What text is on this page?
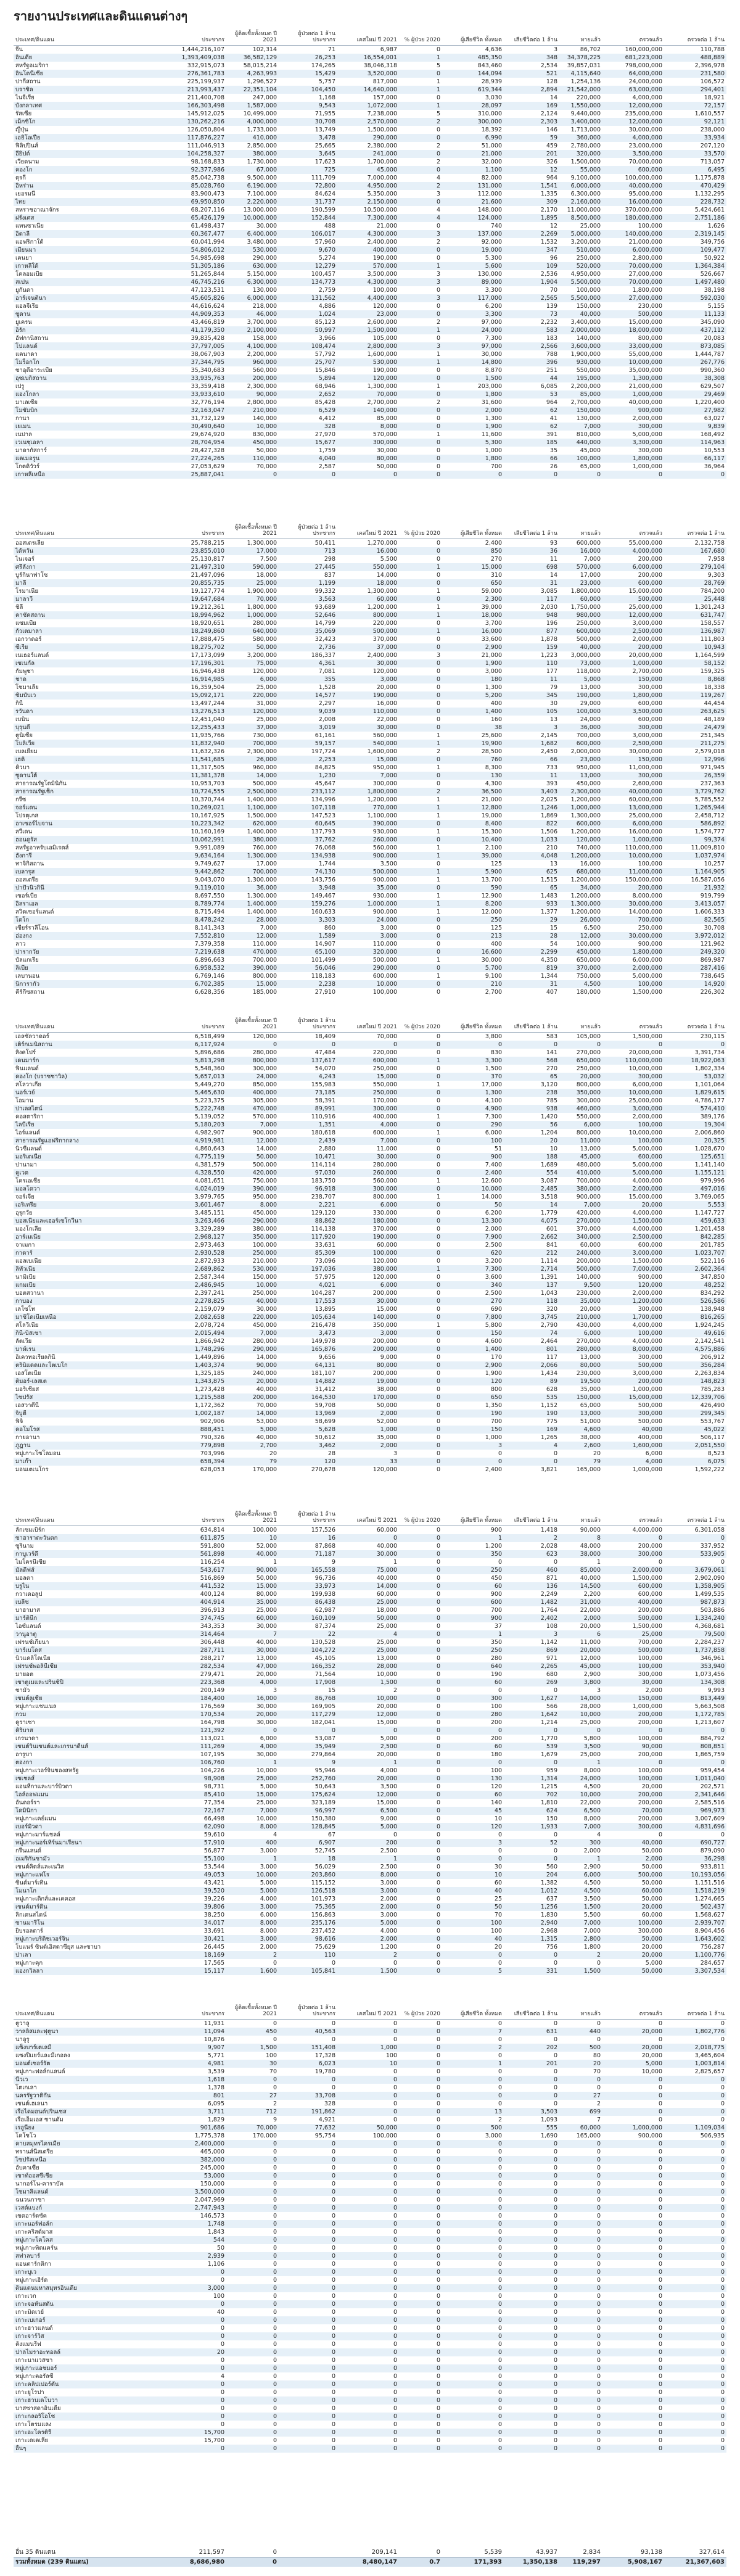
รายงานประเทศและดินแดนต่างๆ
ประเทศ/ดินแดน	ประชากร
ผู้ติดเชื้อทั้งหมด ปี 2021
ผู้ป่วยต่อ 1 ล้าน ประชากร	เคสใหม่ ปี 2021	% ผู้ป่วย 2020	ผู้เสียชีวิต ทั้งหมด	เสียชีวิตต่อ 1 ล้าน	หายแล้ว	ตรวจแล้ว	ตรวจต่อ 1 ล้าน
จีน	1,444,216,107	102,314	71	6,987	0	4,636	3	86,702	160,000,000	110,788
อินเดีย	1,393,409,038	36,582,129	26,253	16,554,001	1	485,350	348	34,378,225	681,223,000	488,889
สหรัฐอเมริกา	332,915,073	58,015,214	174,265	38,046,318	5	843,460	2,534	39,857,031	798,000,000	2,396,978
อินโดนีเซีย	276,361,783	4,263,993	15,429	3,520,000	0	144,094	521	4,115,640	64,000,000	231,580
ปากีสถาน	225,199,937	1,296,527	5,757	817,000	1	28,939	128	1,254,136	24,000,000	106,572
บราซิล	213,993,437	22,351,104	104,450	14,640,000	1	619,344	2,894	21,542,000	63,000,000	294,401
ไนจีเรีย	211,400,708	247,000	1,168	157,000	0	3,030	14	220,000	4,000,000	18,921
บังกลาเทศ	166,303,498	1,587,000	9,543	1,072,000	1	28,097	169	1,550,000	12,000,000	72,157
รัสเซีย	145,912,025	10,499,000	71,955	7,238,000	5	310,000	2,124	9,440,000	235,000,000	1,610,557
เม็กซิโก	130,262,216	4,000,000	30,708	2,570,000	2	300,000	2,303	3,400,000	12,000,000	92,121
ญี่ปุ่น	126,050,804	1,733,000	13,749	1,500,000	0	18,392	146	1,713,000	30,000,000	238,000
เอธิโอเปีย	117,876,227	410,000	3,478	290,000	0	6,990	59	360,000	4,000,000	33,934
ฟิลิปปินส์	111,046,913	2,850,000	25,665	2,380,000	2	51,000	459	2,780,000	23,000,000	207,120
อียิปต์	104,258,327	380,000	3,645	241,000	0	21,000	201	320,000	3,500,000	33,570
เวียดนาม	98,168,833	1,730,000	17,623	1,700,000	2	32,000	326	1,500,000	70,000,000	713,057
คองโก	92,377,986	67,000	725	45,000	0	1,100	12	55,000	600,000	6,495
ตุรกี	85,042,738	9,500,000	111,709	7,000,000	4	82,000	964	9,100,000	100,000,000	1,175,878
อิหร่าน	85,028,760	6,190,000	72,800	4,950,000	2	131,000	1,541	6,000,000	40,000,000	470,429
เยอรมนี	83,900,473	7,100,000	84,624	5,350,000	3	112,000	1,335	6,300,000	95,000,000	1,132,295
ไทย	69,950,850	2,220,000	31,737	2,150,000	0	21,600	309	2,160,000	16,000,000	228,732
สหราชอาณาจักร	68,207,116	13,000,000	190,599	10,500,000	4	148,000	2,170	11,000,000	370,000,000	5,424,661
ฝรั่งเศส	65,426,179	10,000,000	152,844	7,300,000	4	124,000	1,895	8,500,000	180,000,000	2,751,186
แทนซาเนีย	61,498,437	30,000	488	21,000	0	740	12	25,000	100,000	1,626
อิตาลี	60,367,477	6,400,000	106,017	4,300,000	3	137,000	2,269	5,000,000	140,000,000	2,319,145
แอฟริกาใต้	60,041,994	3,480,000	57,960	2,400,000	2	92,000	1,532	3,200,000	21,000,000	349,756
เมียนมา	54,806,012	530,000	9,670	400,000	0	19,000	347	510,000	6,000,000	109,477
เคนยา	54,985,698	290,000	5,274	190,000	0	5,300	96	250,000	2,800,000	50,922
เกาหลีใต้	51,305,186	630,000	12,279	570,000	1	5,600	109	520,000	70,000,000	1,364,384
โคลอมเบีย	51,265,844	5,150,000	100,457	3,500,000	3	130,000	2,536	4,950,000	27,000,000	526,667
สเปน	46,745,216	6,300,000	134,773	4,300,000	3	89,000	1,904	5,500,000	70,000,000	1,497,480
ยูกันดา	47,123,531	130,000	2,759	100,000	0	3,300	70	100,000	1,800,000	38,198
อาร์เจนตินา	45,605,826	6,000,000	131,562	4,400,000	3	117,000	2,565	5,500,000	27,000,000	592,030
แอลจีเรีย	44,616,624	218,000	4,886	120,000	0	6,200	139	150,000	230,000	5,155
ซูดาน	44,909,353	46,000	1,024	23,000	0	3,300	73	40,000	500,000	11,133
ยูเครน	43,466,819	3,700,000	85,123	2,600,000	2	97,000	2,232	3,400,000	15,000,000	345,090
อิรัก	41,179,350	2,100,000	50,997	1,500,000	1	24,000	583	2,000,000	18,000,000	437,112
อัฟกานิสถาน	39,835,428	158,000	3,966	105,000	0	7,300	183	140,000	800,000	20,083
โปแลนด์	37,797,005	4,100,000	108,474	2,800,000	3	97,000	2,566	3,600,000	33,000,000	873,085
แคนาดา	38,067,903	2,200,000	57,792	1,600,000	1	30,000	788	1,900,000	55,000,000	1,444,787
โมร็อกโก	37,344,795	960,000	25,707	530,000	1	14,800	396	930,000	10,000,000	267,776
ซาอุดีอาระเบีย	35,340,683	560,000	15,846	190,000	0	8,870	251	550,000	35,000,000	990,360
อุซเบกิสถาน	33,935,763	200,000	5,894	120,000	0	1,500	44	195,000	1,300,000	38,308
เปรู	33,359,418	2,300,000	68,946	1,300,000	1	203,000	6,085	2,200,000	21,000,000	629,507
แองโกลา	33,933,610	90,000	2,652	70,000	0	1,800	53	85,000	1,000,000	29,469
มาเลเซีย	32,776,194	2,800,000	85,428	2,700,000	2	31,600	964	2,700,000	40,000,000	1,220,400
โมซัมบิก	32,163,047	210,000	6,529	140,000	0	2,000	62	150,000	900,000	27,982
กานา	31,732,129	140,000	4,412	85,000	0	1,300	41	130,000	2,000,000	63,027
เยเมน	30,490,640	10,000	328	8,000	0	1,900	62	7,000	300,000	9,839
เนปาล	29,674,920	830,000	27,970	570,000	1	11,600	391	810,000	5,000,000	168,492
เวเนซุเอลา	28,704,954	450,000	15,677	300,000	0	5,300	185	440,000	3,300,000	114,963
มาดากัสการ์	28,427,328	50,000	1,759	30,000	0	1,000	35	45,000	300,000	10,553
แคเมอรูน	27,224,265	110,000	4,040	80,000	0	1,800	66	100,000	1,800,000	66,117
โกตดิวัวร์	27,053,629	70,000	2,587	50,000	0	700	26	65,000	1,000,000	36,964
เกาหลีเหนือ	25,887,041	0	0	0	0	0	0	0	0	0
ประเทศ/ดินแดน	ประชากร
ผู้ติดเชื้อทั้งหมด ปี 2021
ผู้ป่วยต่อ 1 ล้าน ประชากร	เคสใหม่ ปี 2021	% ผู้ป่วย 2020	ผู้เสียชีวิต ทั้งหมด	เสียชีวิตต่อ 1 ล้าน	หายแล้ว	ตรวจแล้ว	ตรวจต่อ 1 ล้าน
ออสเตรเลีย	25,788,215	1,300,000	50,411	1,270,000	0	2,400	93	600,000	55,000,000	2,132,758
ไต้หวัน	23,855,010	17,000	713	16,000	0	850	36	16,000	4,000,000	167,680
ไนเจอร์	25,130,817	7,500	298	5,500	0	270	11	7,000	200,000	7,958
ศรีลังกา	21,497,310	590,000	27,445	550,000	1	15,000	698	570,000	6,000,000	279,104
บูร์กินาฟาโซ	21,497,096	18,000	837	14,000	0	310	14	17,000	200,000	9,303
มาลี	20,855,735	25,000	1,199	18,000	0	650	31	23,000	600,000	28,769
โรมาเนีย	19,127,774	1,900,000	99,332	1,300,000	1	59,000	3,085	1,800,000	15,000,000	784,200
มาลาวี	19,647,684	70,000	3,563	60,000	0	2,300	117	60,000	500,000	25,448
ชิลี	19,212,361	1,800,000	93,689	1,200,000	1	39,000	2,030	1,750,000	25,000,000	1,301,243
คาซัคสถาน	18,994,962	1,000,000	52,646	800,000	1	18,000	948	980,000	12,000,000	631,747
แซมเบีย	18,920,651	280,000	14,799	220,000	0	3,700	196	250,000	3,000,000	158,557
กัวเตมาลา	18,249,860	640,000	35,069	500,000	1	16,000	877	600,000	2,500,000	136,987
เอกวาดอร์	17,888,475	580,000	32,423	370,000	0	33,600	1,878	500,000	2,000,000	111,803
ซีเรีย	18,275,702	50,000	2,736	37,000	0	2,900	159	40,000	200,000	10,943
เนเธอร์แลนด์	17,173,099	3,200,000	186,337	2,400,000	3	21,000	1,223	3,000,000	20,000,000	1,164,599
เซเนกัล	17,196,301	75,000	4,361	30,000	0	1,900	110	73,000	1,000,000	58,152
กัมพูชา	16,946,438	120,000	7,081	120,000	0	3,000	177	118,000	2,700,000	159,325
ชาด	16,914,985	6,000	355	3,000	0	180	11	5,000	150,000	8,868
โซมาเลีย	16,359,504	25,000	1,528	20,000	0	1,300	79	13,000	300,000	18,338
ซิมบับเว	15,092,171	220,000	14,577	190,000	0	5,200	345	190,000	1,800,000	119,267
กินี	13,497,244	31,000	2,297	16,000	0	400	30	29,000	600,000	44,454
รวันดา	13,276,513	120,000	9,039	110,000	0	1,400	105	100,000	3,500,000	263,625
เบนิน	12,451,040	25,000	2,008	22,000	0	160	13	24,000	600,000	48,189
บุรุนดี	12,255,433	37,000	3,019	30,000	0	38	3	36,000	300,000	24,479
ตูนิเซีย	11,935,766	730,000	61,161	560,000	1	25,600	2,145	700,000	3,000,000	251,345
โบลิเวีย	11,832,940	700,000	59,157	540,000	1	19,900	1,682	600,000	2,500,000	211,275
เบลเยียม	11,632,326	2,300,000	197,724	1,600,000	2	28,500	2,450	2,000,000	30,000,000	2,579,018
เฮติ	11,541,685	26,000	2,253	15,000	0	760	66	23,000	150,000	12,996
คิวบา	11,317,505	960,000	84,825	950,000	1	8,300	733	950,000	11,000,000	971,945
ซูดานใต้	11,381,378	14,000	1,230	7,000	0	130	11	13,000	300,000	26,359
สาธารณรัฐโดมินิกัน	10,953,703	500,000	45,647	300,000	0	4,300	393	450,000	2,600,000	237,363
สาธารณรัฐเช็ก	10,724,555	2,500,000	233,112	1,800,000	2	36,500	3,403	2,300,000	40,000,000	3,729,762
กรีซ	10,370,744	1,400,000	134,996	1,200,000	1	21,000	2,025	1,200,000	60,000,000	5,785,552
จอร์แดน	10,269,021	1,100,000	107,118	770,000	1	12,800	1,246	1,000,000	13,000,000	1,265,944
โปรตุเกส	10,167,925	1,500,000	147,523	1,100,000	1	19,000	1,869	1,300,000	25,000,000	2,458,712
อาเซอร์ไบจาน	10,223,342	620,000	60,645	390,000	0	8,400	822	600,000	6,000,000	586,892
สวีเดน	10,160,169	1,400,000	137,793	930,000	1	15,300	1,506	1,200,000	16,000,000	1,574,777
ฮอนดูรัส	10,062,991	380,000	37,762	260,000	0	10,400	1,033	120,000	1,000,000	99,374
สหรัฐอาหรับเอมิเรตส์	9,991,089	760,000	76,068	560,000	1	2,100	210	740,000	110,000,000	11,009,810
ฮังการี	9,634,164	1,300,000	134,938	900,000	1	39,000	4,048	1,200,000	10,000,000	1,037,974
ทาจิกิสถาน	9,749,627	17,000	1,744	3,500	0	125	13	16,000	100,000	10,257
เบลารุส	9,442,862	700,000	74,130	500,000	1	5,900	625	680,000	11,000,000	1,164,905
ออสเตรีย	9,043,070	1,300,000	143,756	900,000	1	13,700	1,515	1,200,000	150,000,000	16,587,056
ปาปัวนิวกินี	9,119,010	36,000	3,948	35,000	0	590	65	34,000	200,000	21,932
เซอร์เบีย	8,697,550	1,300,000	149,467	930,000	1	12,900	1,483	1,200,000	8,000,000	919,799
อิสราเอล	8,789,774	1,400,000	159,276	1,000,000	1	8,200	933	1,300,000	30,000,000	3,413,057
สวิตเซอร์แลนด์	8,715,494	1,400,000	160,633	900,000	1	12,000	1,377	1,200,000	14,000,000	1,606,333
โตโก	8,478,242	28,000	3,303	24,000	0	250	29	26,000	700,000	82,565
เซียร์ราลีโอน	8,141,343	7,000	860	3,000	0	125	15	6,500	250,000	30,708
ฮ่องกง	7,552,810	12,000	1,589	3,000	0	213	28	12,000	30,000,000	3,972,012
ลาว	7,379,358	110,000	14,907	110,000	0	400	54	100,000	900,000	121,962
ปารากวัย	7,219,638	470,000	65,100	320,000	0	16,600	2,299	450,000	1,800,000	249,320
บัลแกเรีย	6,896,663	700,000	101,499	500,000	1	30,000	4,350	650,000	6,000,000	869,987
ลิเบีย	6,958,532	390,000	56,046	290,000	0	5,700	819	370,000	2,000,000	287,416
เลบานอน	6,769,146	800,000	118,183	600,000	1	9,100	1,344	750,000	5,000,000	738,645
นิการากัว	6,702,385	15,000	2,238	10,000	0	210	31	4,500	100,000	14,920
คีร์กีซสถาน	6,628,356	185,000	27,910	100,000	0	2,700	407	180,000	1,500,000	226,302
ประเทศ/ดินแดน	ประชากร
ผู้ติดเชื้อทั้งหมด ปี 2021
ผู้ป่วยต่อ 1 ล้าน ประชากร	เคสใหม่ ปี 2021	% ผู้ป่วย 2020	ผู้เสียชีวิต ทั้งหมด	เสียชีวิตต่อ 1 ล้าน	หายแล้ว	ตรวจแล้ว	ตรวจต่อ 1 ล้าน
เอลซัลวาดอร์	6,518,499	120,000	18,409	70,000	0	3,800	583	105,000	1,500,000	230,115
เติร์กเมนิสถาน	6,117,924	0	0	0	0	0	0	0	0	0
สิงคโปร์	5,896,686	280,000	47,484	220,000	0	830	141	270,000	20,000,000	3,391,734
เดนมาร์ก	5,813,298	800,000	137,617	600,000	1	3,300	568	650,000	110,000,000	18,922,063
ฟินแลนด์	5,548,360	300,000	54,070	250,000	0	1,500	270	250,000	10,000,000	1,802,334
คองโก (บราซซาวิล)	5,657,013	24,000	4,243	15,000	0	370	65	20,000	300,000	53,032
สโลวาเกีย	5,449,270	850,000	155,983	550,000	1	17,000	3,120	800,000	6,000,000	1,101,064
นอร์เวย์	5,465,630	400,000	73,185	250,000	0	1,300	238	350,000	10,000,000	1,829,615
โอมาน	5,223,375	305,000	58,391	170,000	0	4,100	785	300,000	25,000,000	4,786,177
ปาเลสไตน์	5,222,748	470,000	89,991	300,000	0	4,900	938	460,000	3,000,000	574,410
คอสตาริกา	5,139,052	570,000	110,916	400,000	1	7,300	1,420	550,000	2,000,000	389,176
ไลบีเรีย	5,180,203	7,000	1,351	4,000	0	290	56	6,000	100,000	19,304
ไอร์แลนด์	4,982,907	900,000	180,618	600,000	1	6,000	1,204	800,000	10,000,000	2,006,860
สาธารณรัฐแอฟริกากลาง	4,919,981	12,000	2,439	7,000	0	100	20	11,000	100,000	20,325
นิวซีแลนด์	4,860,643	14,000	2,880	11,000	0	51	10	13,000	5,000,000	1,028,670
มอริเตเนีย	4,775,119	50,000	10,471	30,000	0	900	188	45,000	600,000	125,651
ปานามา	4,381,579	500,000	114,114	280,000	0	7,400	1,689	480,000	5,000,000	1,141,140
คูเวต	4,328,550	420,000	97,030	260,000	0	2,400	554	410,000	5,000,000	1,155,121
โครเอเชีย	4,081,651	750,000	183,750	560,000	1	12,600	3,087	700,000	4,000,000	979,996
มอลโดวา	4,024,019	390,000	96,918	300,000	0	10,000	2,485	380,000	2,000,000	497,016
จอร์เจีย	3,979,765	950,000	238,707	800,000	1	14,000	3,518	900,000	15,000,000	3,769,065
เอริเทรีย	3,601,467	8,000	2,221	6,000	0	50	14	7,000	20,000	5,553
อุรุกวัย	3,485,151	450,000	129,120	330,000	0	6,200	1,779	420,000	4,000,000	1,147,727
บอสเนียและเฮอร์เซโกวีนา	3,263,466	290,000	88,862	180,000	0	13,300	4,075	270,000	1,500,000	459,633
มองโกเลีย	3,329,289	380,000	114,138	370,000	0	2,000	601	370,000	4,000,000	1,201,458
อาร์เมเนีย	2,968,127	350,000	117,920	190,000	0	7,900	2,662	340,000	2,500,000	842,285
จาเมกา	2,973,463	100,000	33,631	60,000	0	2,500	841	60,000	600,000	201,785
กาตาร์	2,930,528	250,000	85,309	100,000	0	620	212	240,000	3,000,000	1,023,707
แอลเบเนีย	2,872,933	210,000	73,096	120,000	0	3,200	1,114	200,000	1,500,000	522,116
ลิทัวเนีย	2,689,862	530,000	197,036	380,000	1	7,300	2,714	500,000	7,000,000	2,602,364
นามิเบีย	2,587,344	150,000	57,975	120,000	0	3,600	1,391	140,000	900,000	347,850
แกมเบีย	2,486,945	10,000	4,021	6,000	0	340	137	9,500	120,000	48,252
บอตสวานา	2,397,241	250,000	104,287	200,000	0	2,500	1,043	230,000	2,000,000	834,292
กาบอง	2,278,825	40,000	17,553	30,000	0	270	118	35,000	1,200,000	526,586
เลโซโท	2,159,079	30,000	13,895	15,000	0	690	320	20,000	300,000	138,948
มาซิโดเนียเหนือ	2,082,658	220,000	105,634	140,000	0	7,800	3,745	210,000	1,700,000	816,265
สโลวีเนีย	2,078,724	450,000	216,478	350,000	1	5,800	2,790	430,000	4,000,000	1,924,245
กินี-บิสเซา	2,015,494	7,000	3,473	3,000	0	150	74	6,000	100,000	49,616
ลัตเวีย	1,866,942	280,000	149,978	200,000	0	4,600	2,464	270,000	4,000,000	2,142,541
บาห์เรน	1,748,296	290,000	165,876	200,000	0	1,400	801	280,000	8,000,000	4,575,886
อิเควทอเรียลกินี	1,449,896	14,000	9,656	9,000	0	170	117	13,000	300,000	206,912
ตรินิแดดและโตเบโก	1,403,374	90,000	64,131	80,000	0	2,900	2,066	80,000	500,000	356,284
เอสโตเนีย	1,325,185	240,000	181,107	200,000	0	1,900	1,434	230,000	3,000,000	2,263,834
ติมอร์-เลสเต	1,343,875	20,000	14,882	19,000	0	120	89	19,500	200,000	148,823
มอริเชียส	1,273,428	40,000	31,412	38,000	0	800	628	35,000	1,000,000	785,283
ไซปรัส	1,215,588	200,000	164,530	170,000	0	650	535	150,000	15,000,000	12,339,706
เอสวาตีนี	1,172,362	70,000	59,708	50,000	0	1,350	1,152	65,000	500,000	426,490
จิบูตี	1,002,187	14,000	13,969	2,000	0	190	190	13,000	300,000	299,345
ฟิจิ	902,906	53,000	58,699	52,000	0	700	775	51,000	500,000	553,767
คอโมโรส	888,451	5,000	5,628	1,000	0	150	169	4,600	40,000	45,022
กายอานา	790,326	40,000	50,612	35,000	0	1,000	1,265	38,000	400,000	506,117
ภูฏาน	779,898	2,700	3,462	2,000	0	3	4	2,600	1,600,000	2,051,550
หมู่เกาะโซโลมอน	703,996	20	28	3	0	0	0	20	6,000	8,523
มาเก๊า	658,394	79	120	33	0	0	0	79	4,000	6,075
มอนเตเนโกร	628,053	170,000	270,678	120,000	0	2,400	3,821	165,000	1,000,000	1,592,222
ประเทศ/ดินแดน	ประชากร
ผู้ติดเชื้อทั้งหมด ปี 2021
ผู้ป่วยต่อ 1 ล้าน ประชากร	เคสใหม่ ปี 2021	% ผู้ป่วย 2020	ผู้เสียชีวิต ทั้งหมด	เสียชีวิตต่อ 1 ล้าน	หายแล้ว	ตรวจแล้ว	ตรวจต่อ 1 ล้าน
ลักเซมเบิร์ก	634,814	100,000	157,526	60,000	0	900	1,418	90,000	4,000,000	6,301,058
ซาฮาราตะวันตก	611,875	10	16	0	0	1	2	8	0	0
ซูรินาม	591,800	52,000	87,868	40,000	0	1,200	2,028	48,000	200,000	337,952
กาบูเวร์ดี	561,898	40,000	71,187	30,000	0	350	623	38,000	300,000	533,905
ไมโครนีเซีย	116,254	1	9	1	0	0	0	1	0	0
มัลดีฟส์	543,617	90,000	165,558	75,000	0	250	460	85,000	2,000,000	3,679,061
มอลตา	516,869	50,000	96,736	40,000	0	450	871	40,000	1,500,000	2,902,090
บรูไน	441,532	15,000	33,973	14,000	0	60	136	14,500	600,000	1,358,905
กวาเดอลูป	400,124	80,000	199,938	60,000	0	900	2,249	2,200	600,000	1,499,535
เบลีซ	404,914	35,000	86,438	25,000	0	600	1,482	31,000	400,000	987,873
บาฮามาส	396,913	25,000	62,987	18,000	0	700	1,764	22,000	200,000	503,886
มาร์ตินีก	374,745	60,000	160,109	50,000	0	900	2,402	2,000	500,000	1,334,240
ไอซ์แลนด์	343,353	30,000	87,374	25,000	0	37	108	20,000	1,500,000	4,368,681
วานูอาตู	314,464	7	22	4	0	1	3	6	25,000	79,500
เฟรนช์เกียนา	306,448	40,000	130,528	25,000	0	350	1,142	11,000	700,000	2,284,237
บาร์เบโดส	287,711	30,000	104,272	25,000	0	250	869	20,000	500,000	1,737,858
นิวแคลิโดเนีย	288,217	13,000	45,105	13,000	0	280	971	12,000	100,000	346,961
เฟรนช์พอลินีเซีย	282,534	47,000	166,352	28,000	0	640	2,265	45,000	100,000	353,940
มายอต	279,471	20,000	71,564	10,000	0	190	680	2,900	300,000	1,073,456
เซาตูเมและปรินซิปี	223,368	4,000	17,908	1,500	0	60	269	3,800	30,000	134,308
ซามัว	200,149	3	15	2	0	0	0	3	2,000	9,993
เซนต์ลูเซีย	184,400	16,000	86,768	10,000	0	300	1,627	14,000	150,000	813,449
หมู่เกาะแชนเนล	176,569	30,000	169,905	20,000	0	100	566	28,000	1,000,000	5,663,508
กวม	170,534	20,000	117,279	12,000	0	280	1,642	10,000	200,000	1,172,785
คูราเซา	164,798	30,000	182,041	15,000	0	200	1,214	25,000	200,000	1,213,607
คิริบาส	121,392	0	0	0	0	0	0	0	0	0
เกรนาดา	113,021	6,000	53,087	5,000	0	200	1,770	5,800	100,000	884,792
เซนต์วินเซนต์และเกรนาดีนส์	111,269	4,000	35,949	2,500	0	60	539	3,500	90,000	808,851
อารูบา	107,195	30,000	279,864	20,000	0	180	1,679	25,000	200,000	1,865,759
ตองกา	106,760	1	9	1	0	0	0	1	0	0
หมู่เกาะเวอร์จินของสหรัฐ	104,226	10,000	95,946	4,000	0	100	959	8,000	100,000	959,454
เซเชลส์	98,908	25,000	252,760	20,000	0	130	1,314	24,000	100,000	1,011,040
แอนทีกาและบาร์บิวดา	98,731	5,000	50,643	3,500	0	120	1,215	4,500	20,000	202,571
ไอล์ออฟแมน	85,410	15,000	175,624	12,000	0	60	702	10,000	200,000	2,341,646
อันดอร์รา	77,354	25,000	323,189	15,000	0	140	1,810	22,000	200,000	2,585,516
โดมินิกา	72,167	7,000	96,997	6,500	0	45	624	6,500	70,000	969,973
หมู่เกาะเคย์แมน	66,498	10,000	150,380	9,000	0	10	150	8,000	200,000	3,007,609
เบอร์มิวดา	62,090	8,000	128,845	5,000	0	120	1,933	7,000	300,000	4,831,696
หมู่เกาะมาร์แชลล์	59,610	4	67	0	0	0	0	4	0	0
หมู่เกาะนอร์เทิร์นมาเรียนา	57,910	400	6,907	200	0	3	52	300	40,000	690,727
กรีนแลนด์	56,877	3,000	52,745	2,500	0	0	0	2,000	50,000	879,090
อเมริกันซามัว	55,100	1	18	1	0	0	0	1	2,000	36,298
เซนต์คิตส์และเนวิส	53,544	3,000	56,029	2,500	0	30	560	2,900	50,000	933,811
หมู่เกาะแฟโร	49,053	10,000	203,860	8,000	0	10	204	6,000	500,000	10,193,056
ซินต์มาร์เทิน	43,421	5,000	115,152	3,000	0	60	1,382	4,500	50,000	1,151,516
โมนาโก	39,520	5,000	126,518	3,000	0	40	1,012	4,500	60,000	1,518,219
หมู่เกาะเติกส์และเคคอส	39,226	4,000	101,973	2,000	0	25	637	3,500	50,000	1,274,665
เซนต์มาร์ติน	39,806	3,000	75,365	2,000	0	50	1,256	1,500	20,000	502,437
ลิกเตนสไตน์	38,250	6,000	156,863	3,000	0	70	1,830	5,500	60,000	1,568,627
ซานมารีโน	34,017	8,000	235,176	5,000	0	100	2,940	7,000	100,000	2,939,707
ยิบรอลตาร์	33,691	8,000	237,452	4,000	0	100	2,968	7,000	300,000	8,904,456
หมู่เกาะบริติชเวอร์จิน	30,421	3,000	98,616	2,000	0	40	1,315	2,800	50,000	1,643,602
โบแนร์ ซินต์เอิสตาซียุส และซาบา	26,445	2,000	75,629	1,200	0	20	756	1,800	20,000	756,287
ปาเลา	18,169	2	110	2	0	0	0	2	20,000	1,100,776
หมู่เกาะคุก	17,565	0	0	0	0	0	0	0	5,000	284,657
แองกวิลลา	15,117	1,600	105,841	1,500	0	5	331	1,500	50,000	3,307,534
ประเทศ/ดินแดน	ประชากร
ผู้ติดเชื้อทั้งหมด ปี 2021
ผู้ป่วยต่อ 1 ล้าน ประชากร	เคสใหม่ ปี 2021	% ผู้ป่วย 2020	ผู้เสียชีวิต ทั้งหมด	เสียชีวิตต่อ 1 ล้าน	หายแล้ว	ตรวจแล้ว	ตรวจต่อ 1 ล้าน
ตูวาลู	11,931	0	0	0	0	0	0	0	0	0
วาลลิสและฟุตูนา	11,094	450	40,563	0	0	7	631	440	20,000	1,802,776
นาอูรู	10,876	0	0	0	0	0	0	0	0	0
แซ็งบาร์เตเลมี	9,907	1,500	151,408	1,000	0	2	202	500	20,000	2,018,775
แซงปีแยร์และมีเกอลง	5,771	100	17,328	100	0	0	0	80	20,000	3,465,604
มอนต์เซอร์รัต	4,981	30	6,023	10	0	1	201	20	5,000	1,003,814
หมู่เกาะฟอล์กแลนด์	3,539	70	19,780	0	0	0	0	70	10,000	2,825,657
นีวเว	1,618	0	0	0	0	0	0	0	0	0
โตเกเลา	1,378	0	0	0	0	0	0	0	0	0
นครรัฐวาติกัน	801	27	33,708	0	0	0	0	27	0	0
เซนต์เฮเลนา	6,095	2	328	0	0	0	0	2	0	0
เรือไดมอนด์ปรินเซส	3,711	712	191,862	0	0	13	3,503	699	0	0
เรือเอ็มเอส ซานดัม	1,829	9	4,921	0	0	2	1,093	7	0	0
เรอูนียง	901,686	70,000	77,632	50,000	0	500	555	60,000	1,000,000	1,109,034
โคโซโว	1,775,378	170,000	95,754	100,000	0	3,000	1,690	165,000	900,000	506,935
คาบสมุทรไครเมีย	2,400,000	0	0	0	0	0	0	0	0	0
ทรานส์นีสเตรีย	465,000	0	0	0	0	0	0	0	0	0
ไซปรัสเหนือ	382,000	0	0	0	0	0	0	0	0	0
อับคาเซีย	245,000	0	0	0	0	0	0	0	0	0
เซาท์ออสซีเชีย	53,000	0	0	0	0	0	0	0	0	0
นากอร์โน-คาราบัค	150,000	0	0	0	0	0	0	0	0	0
โซมาลิแลนด์	3,500,000	0	0	0	0	0	0	0	0	0
ฉนวนกาซา	2,047,969	0	0	0	0	0	0	0	0	0
เวสต์แบงก์	2,747,943	0	0	0	0	0	0	0	0	0
เขตอาร์ตซัค	146,573	0	0	0	0	0	0	0	0	0
เกาะนอร์ฟอล์ก	1,748	0	0	0	0	0	0	0	0	0
เกาะคริสต์มาส	1,843	0	0	0	0	0	0	0	0	0
หมู่เกาะโคโคส	544	0	0	0	0	0	0	0	0	0
หมู่เกาะพิตแคร์น	50	0	0	0	0	0	0	0	0	0
สฟาลบาร์	2,939	0	0	0	0	0	0	0	0	0
แอนตาร์กติกา	1,106	0	0	0	0	0	0	0	0	0
เกาะบูเว	0	0	0	0	0	0	0	0	0	0
หมู่เกาะเฮิร์ด	0	0	0	0	0	0	0	0	0	0
ดินแดนมหาสมุทรอินเดีย	3,000	0	0	0	0	0	0	0	0	0
เกาะเวก	100	0	0	0	0	0	0	0	0	0
เกาะจอห์นสตัน	0	0	0	0	0	0	0	0	0	0
เกาะมิดเวย์	40	0	0	0	0	0	0	0	0	0
เกาะเบเกอร์	0	0	0	0	0	0	0	0	0	0
เกาะฮาวแลนด์	0	0	0	0	0	0	0	0	0	0
เกาะจาร์วิส	0	0	0	0	0	0	0	0	0	0
คิงแมนรีฟ	0	0	0	0	0	0	0	0	0	0
ปาลไมราอะทอลล์	20	0	0	0	0	0	0	0	0	0
เกาะนาแวสซา	0	0	0	0	0	0	0	0	0	0
หมู่เกาะแอชมอร์	0	0	0	0	0	0	0	0	0	0
หมู่เกาะคอรัลซี	4	0	0	0	0	0	0	0	0	0
เกาะคลิปเปอร์ตัน	0	0	0	0	0	0	0	0	0	0
เกาะยูโรปา	0	0	0	0	0	0	0	0	0	0
เกาะฮวนเดโนวา	0	0	0	0	0	0	0	0	0	0
บาสซาสดาอินเดีย	0	0	0	0	0	0	0	0	0	0
เกาะกลอริโอโซ	0	0	0	0	0	0	0	0	0	0
เกาะโตรมแลง	0	0	0	0	0	0	0	0	0	0
เกาะอะโครติรี	15,700	0	0	0	0	0	0	0	0	0
เกาะเดเคเลีย	15,700	0	0	0	0	0	0	0	0	0
อื่นๆ	0	0	0	0	0	0	0	0	0	0
อื่น 35 ดินแดน	211,597	0	209,141	0	5,539	43,937	2,834	93,138	327,614
รวมทั้งหมด (239 ดินแดน)	8,686,980	0	8,480,147	0.7	171,393	1,350,138	119,297	5,908,167	21,367,603
